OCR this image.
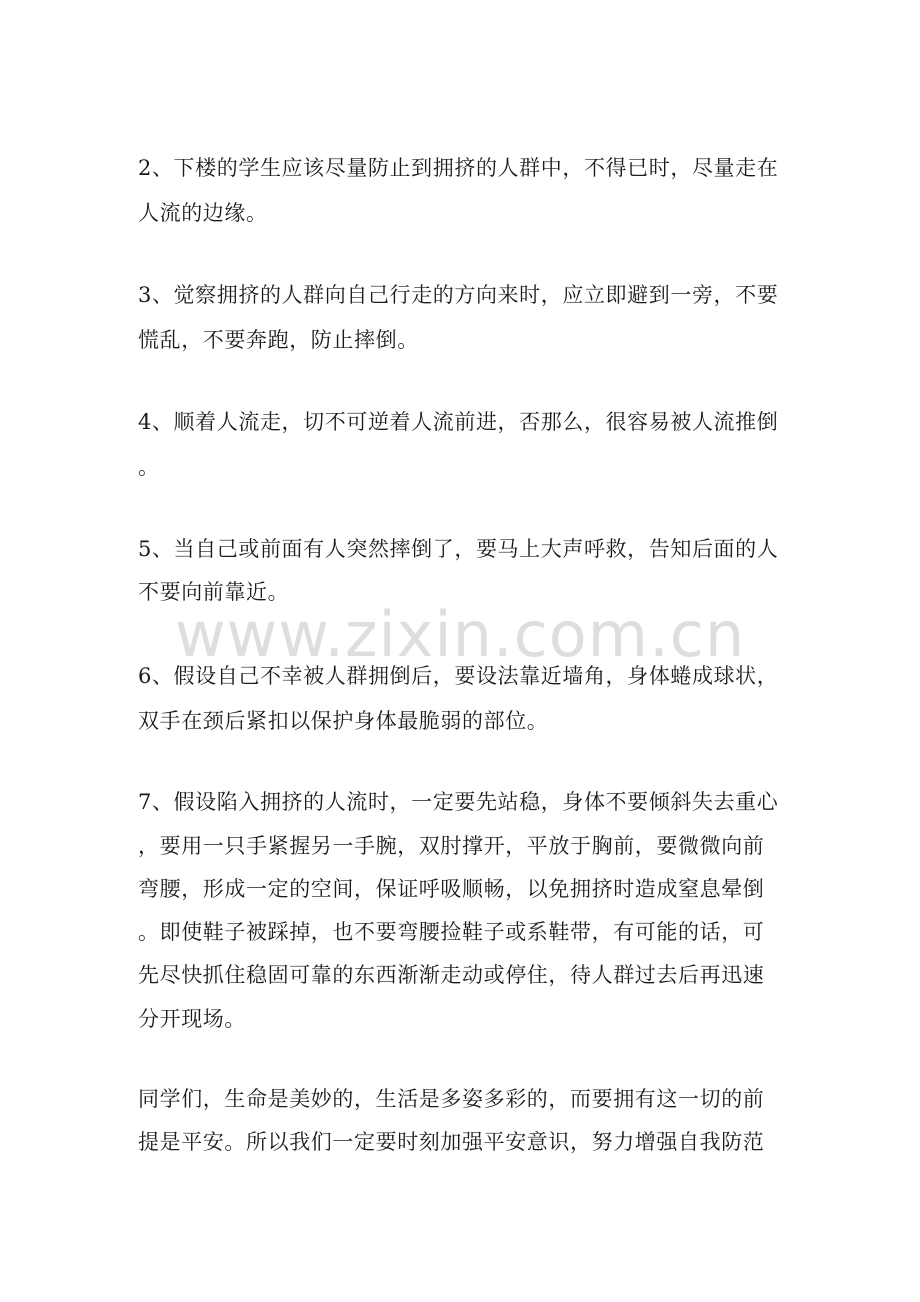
2、下楼的学生应该尽量防止到拥挤的人群中，不得已时，尽量走在
人流的边缘。
3、觉察拥挤的人群向自己行走的方向来时，应立即避到一旁，不要
慌乱，不要奔跑，防止摔倒。
4、顺着人流走，切不可逆着人流前进，否那么，很容易被人流推倒
。
5、当自己或前面有人突然摔倒了，要马上大声呼救，告知后面的人
不要向前靠近。
www.zixin.com.cn
6、假设自己不幸被人群拥倒后，要设法靠近墙角，身体蜷成球状，
双手在颈后紧扣以保护身体最脆弱的部位。
7、假设陷入拥挤的人流时，一定要先站稳，身体不要倾斜失去重心
，要用一只手紧握另一手腕，双肘撑开，平放于胸前，要微微向前
弯腰，形成一定的空间，保证呼吸顺畅，以免拥挤时造成窒息晕倒
。即使鞋子被踩掉，也不要弯腰捡鞋子或系鞋带，有可能的话，可
先尽快抓住稳固可靠的东西渐渐走动或停住，待人群过去后再迅速
分开现场。
同学们，生命是美妙的，生活是多姿多彩的，而要拥有这一切的前
提是平安。所以我们一定要时刻加强平安意识，努力增强自我防范
